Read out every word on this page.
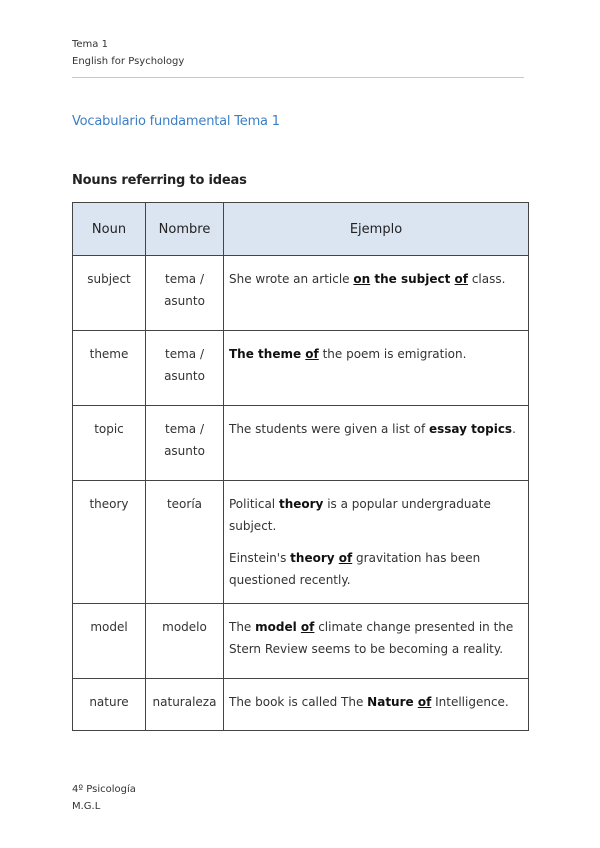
Tema 1
English for Psychology
Vocabulario fundamental Tema 1
Nouns referring to ideas
Noun	Nombre	Ejemplo
subject	tema / asunto	She wrote an article on the subject of class.

theme	tema / asunto	The theme of the poem is emigration.

topic	tema / asunto	The students were given a list of essay topics.

theory	teoría	Political theory is a popular undergraduate subject.

Einstein's theory of gravitation has been questioned recently.

model	modelo	The model of climate change presented in the Stern Review seems to be becoming a reality.

nature	naturaleza	The book is called The Nature of Intelligence.

4º Psicología
M.G.L
